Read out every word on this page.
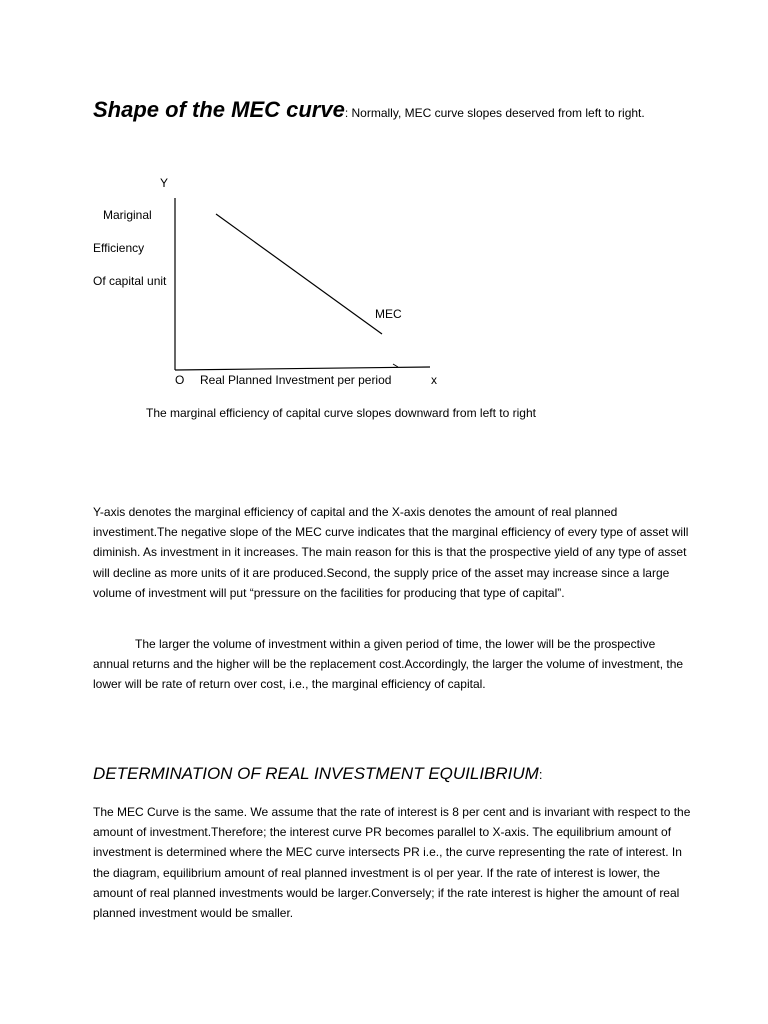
Shape of the MEC curve: Normally, MEC curve slopes deserved from left to right.
Y
Mariginal
Efficiency
Of capital unit
MEC
O Real Planned Investment per period	x
The marginal efficiency of capital curve slopes downward from left to right

Y-axis denotes the marginal efficiency of capital and the X-axis denotes the amount of real planned investiment.The negative slope of the MEC curve indicates that the marginal efficiency of every type of asset will diminish. As investment in it increases. The main reason for this is that the prospective yield of any type of asset will decline as more units of it are produced.Second, the supply price of the asset may increase since a large volume of investment will put “pressure on the facilities for producing that type of capital”.

The larger the volume of investment within a given period of time, the lower will be the prospective annual returns and the higher will be the replacement cost.Accordingly, the larger the volume of investment, the lower will be rate of return over cost, i.e., the marginal efficiency of capital.

DETERMINATION OF REAL INVESTMENT EQUILIBRIUM:

The MEC Curve is the same. We assume that the rate of interest is 8 per cent and is invariant with respect to the amount of investment.Therefore; the interest curve PR becomes parallel to X-axis. The equilibrium amount of investment is determined where the MEC curve intersects PR i.e., the curve representing the rate of interest. In the diagram, equilibrium amount of real planned investment is ol per year. If the rate of interest is lower, the amount of real planned investments would be larger.Conversely; if the rate interest is higher the amount of real planned investment would be smaller.
